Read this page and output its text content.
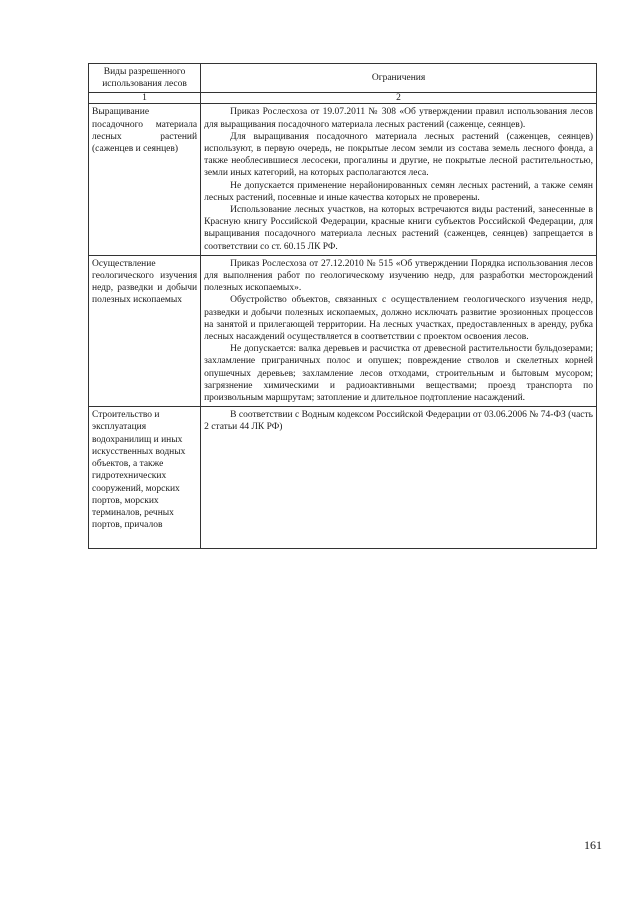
Виды разрешенного использования лесов	Ограничения
1	2
Выращивание посадочного материала лесных растений (саженцев и сеянцев)	Приказ Рослесхоза от 19.07.2011 № 308 «Об утверждении правил использования лесов для выращивания посадочного материала лесных растений (саженце, сеянцев).

Для выращивания посадочного материала лесных растений (саженцев, сеянцев) используют, в первую очередь, не покрытые лесом земли из состава земель лесного фонда, а также необлесившиеся лесосеки, прогалины и другие, не покрытые лесной растительностью, земли иных категорий, на которых располагаются леса.

Не допускается применение нерайонированных семян лесных растений, а также семян лесных растений, посевные и иные качества которых не проверены.

Использование лесных участков, на которых встречаются виды растений, занесенные в Красную книгу Российской Федерации, красные книги субъектов Российской Федерации, для выращивания посадочного материала лесных растений (саженцев, сеянцев) запрещается в соответствии со ст. 60.15 ЛК РФ.

Осуществление геологического изучения недр, разведки и добычи полезных ископаемых	Приказ Рослесхоза от 27.12.2010 № 515 «Об утверждении Порядка использования лесов для выполнения работ по геологическому изучению недр, для разработки месторождений полезных ископаемых».

Обустройство объектов, связанных с осуществлением геологического изучения недр, разведки и добычи полезных ископаемых, должно исключать развитие эрозионных процессов на занятой и прилегающей территории. На лесных участках, предоставленных в аренду, рубка лесных насаждений осуществляется в соответствии с проектом освоения лесов.

Не допускается: валка деревьев и расчистка от древесной растительности бульдозерами; захламление приграничных полос и опушек; повреждение стволов и скелетных корней опушечных деревьев; захламление лесов отходами, строительным и бытовым мусором; загрязнение химическими и радиоактивными веществами; проезд транспорта по произвольным маршрутам; затопление и длительное подтопление насаждений.

Строительство и эксплуатация водохранилищ и иных искусственных водных объектов, а также гидротехнических сооружений, морских портов, морских терминалов, речных портов, причалов	В соответствии с Водным кодексом Российской Федерации от 03.06.2006 № 74-ФЗ (часть 2 статьи 44 ЛК РФ)

161
